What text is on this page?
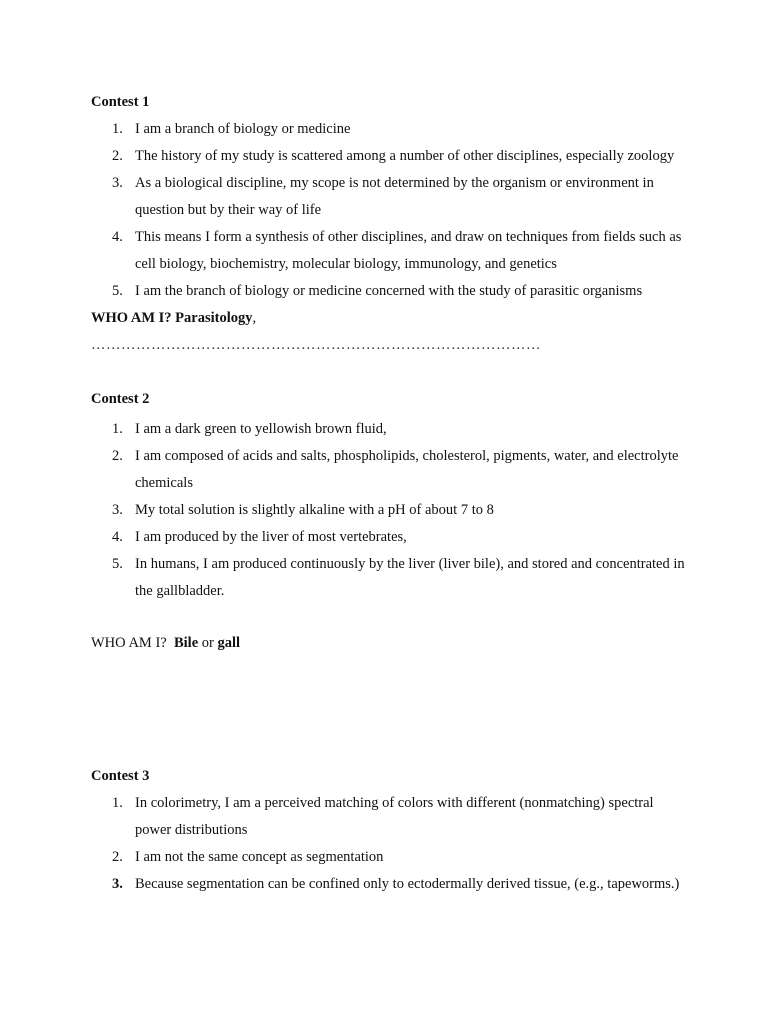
Contest 1
1. I am a branch of biology or medicine
2. The history of my study is scattered among a number of other disciplines, especially zoology
3. As a biological discipline, my scope is not determined by the organism or environment in question but by their way of life
4. This means I form a synthesis of other disciplines, and draw on techniques from fields such as cell biology, biochemistry, molecular biology, immunology, and genetics
5. I am the branch of biology or medicine concerned with the study of parasitic organisms
WHO AM I? Parasitology,
………………………………………………………………………………
Contest 2
1. I am a dark green to yellowish brown fluid,
2. I am composed of acids and salts, phospholipids, cholesterol, pigments, water, and electrolyte chemicals
3. My total solution is slightly alkaline with a pH of about 7 to 8
4. I am produced by the liver of most vertebrates,
5. In humans, I am produced continuously by the liver (liver bile), and stored and concentrated in the gallbladder.
WHO AM I? Bile or gall
Contest 3
1. In colorimetry, I am a perceived matching of colors with different (nonmatching) spectral power distributions
2. I am not the same concept as segmentation
3. Because segmentation can be confined only to ectodermally derived tissue, (e.g., tapeworms.)
